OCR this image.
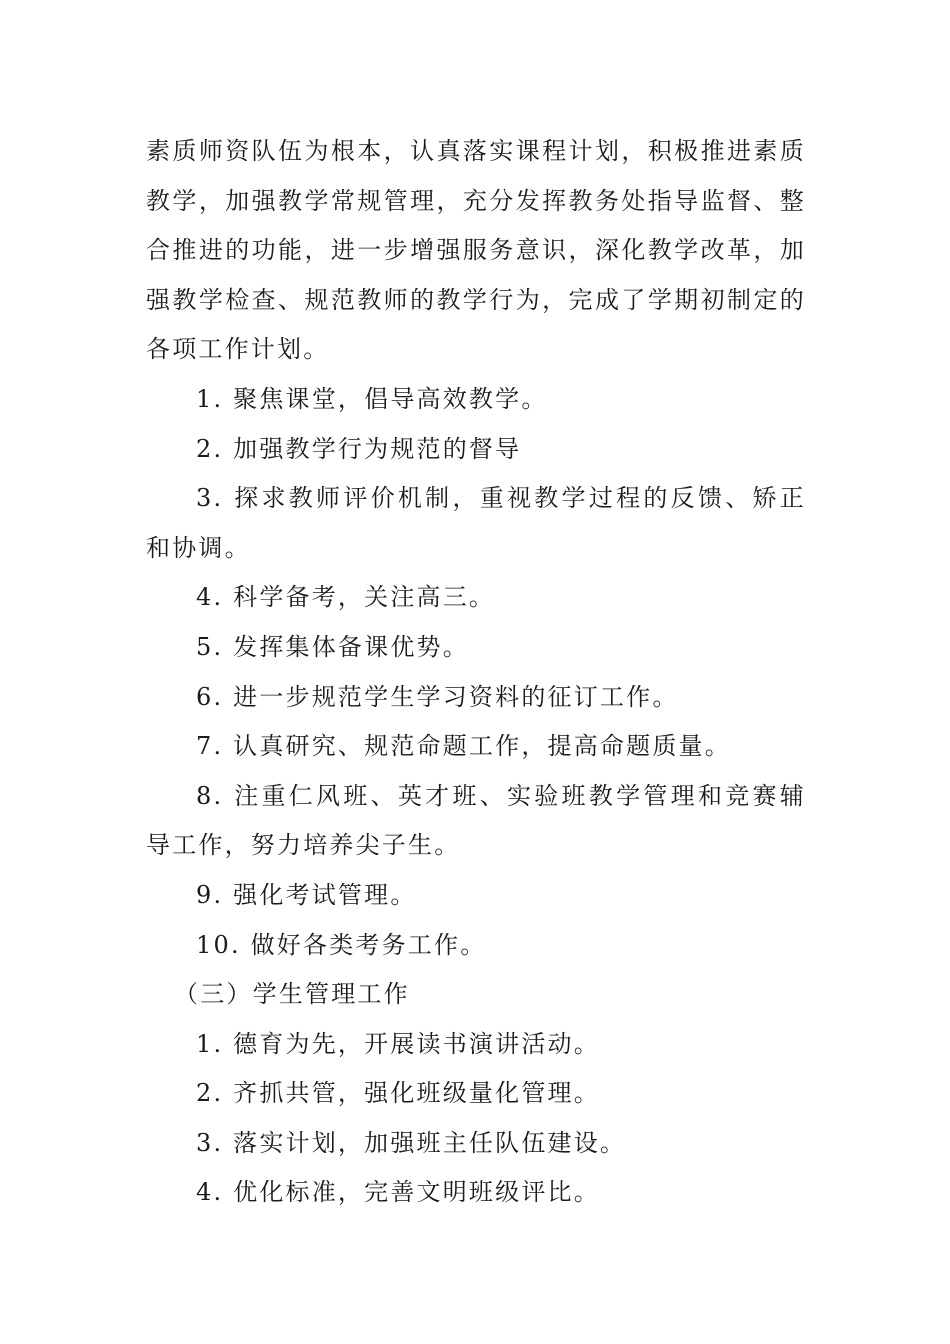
素质师资队伍为根本，认真落实课程计划，积极推进素质教学，加强教学常规管理，充分发挥教务处指导监督、整合推进的功能，进一步增强服务意识，深化教学改革，加强教学检查、规范教师的教学行为，完成了学期初制定的各项工作计划。

1. 聚焦课堂，倡导高效教学。

2. 加强教学行为规范的督导

3. 探求教师评价机制，重视教学过程的反馈、矫正和协调。

4. 科学备考，关注高三。

5. 发挥集体备课优势。

6. 进一步规范学生学习资料的征订工作。

7. 认真研究、规范命题工作，提高命题质量。

8. 注重仁风班、英才班、实验班教学管理和竞赛辅导工作，努力培养尖子生。

9. 强化考试管理。

10. 做好各类考务工作。

（三）学生管理工作

1. 德育为先，开展读书演讲活动。

2. 齐抓共管，强化班级量化管理。

3. 落实计划，加强班主任队伍建设。

4. 优化标准，完善文明班级评比。
